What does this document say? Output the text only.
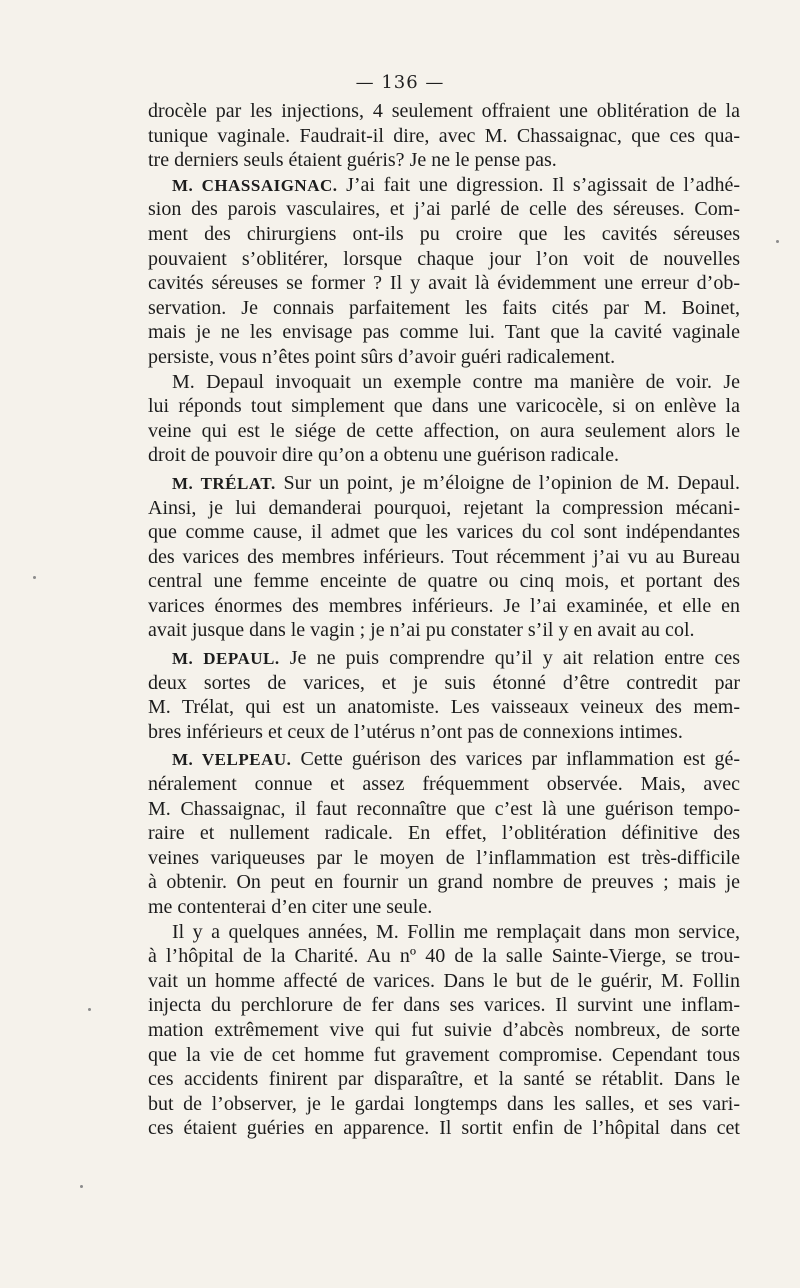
— 136 —
drocèle par les injections, 4 seulement offraient une oblitération de la
tunique vaginale. Faudrait-il dire, avec M. Chassaignac, que ces qua-
tre derniers seuls étaient guéris? Je ne le pense pas.
M. CHASSAIGNAC. J’ai fait une digression. Il s’agissait de l’adhé-
sion des parois vasculaires, et j’ai parlé de celle des séreuses. Com-
ment des chirurgiens ont-ils pu croire que les cavités séreuses
pouvaient s’oblitérer, lorsque chaque jour l’on voit de nouvelles
cavités séreuses se former ? Il y avait là évidemment une erreur d’ob-
servation. Je connais parfaitement les faits cités par M. Boinet,
mais je ne les envisage pas comme lui. Tant que la cavité vaginale
persiste, vous n’êtes point sûrs d’avoir guéri radicalement.
M. Depaul invoquait un exemple contre ma manière de voir. Je
lui réponds tout simplement que dans une varicocèle, si on enlève la
veine qui est le siége de cette affection, on aura seulement alors le
droit de pouvoir dire qu’on a obtenu une guérison radicale.
M. TRÉLAT. Sur un point, je m’éloigne de l’opinion de M. Depaul.
Ainsi, je lui demanderai pourquoi, rejetant la compression mécani-
que comme cause, il admet que les varices du col sont indépendantes
des varices des membres inférieurs. Tout récemment j’ai vu au Bureau
central une femme enceinte de quatre ou cinq mois, et portant des
varices énormes des membres inférieurs. Je l’ai examinée, et elle en
avait jusque dans le vagin ; je n’ai pu constater s’il y en avait au col.
M. DEPAUL. Je ne puis comprendre qu’il y ait relation entre ces
deux sortes de varices, et je suis étonné d’être contredit par
M. Trélat, qui est un anatomiste. Les vaisseaux veineux des mem-
bres inférieurs et ceux de l’utérus n’ont pas de connexions intimes.
M. VELPEAU. Cette guérison des varices par inflammation est gé-
néralement connue et assez fréquemment observée. Mais, avec
M. Chassaignac, il faut reconnaître que c’est là une guérison tempo-
raire et nullement radicale. En effet, l’oblitération définitive des
veines variqueuses par le moyen de l’inflammation est très-difficile
à obtenir. On peut en fournir un grand nombre de preuves ; mais je
me contenterai d’en citer une seule.
Il y a quelques années, M. Follin me remplaçait dans mon service,
à l’hôpital de la Charité. Au nº 40 de la salle Sainte-Vierge, se trou-
vait un homme affecté de varices. Dans le but de le guérir, M. Follin
injecta du perchlorure de fer dans ses varices. Il survint une inflam-
mation extrêmement vive qui fut suivie d’abcès nombreux, de sorte
que la vie de cet homme fut gravement compromise. Cependant tous
ces accidents finirent par disparaître, et la santé se rétablit. Dans le
but de l’observer, je le gardai longtemps dans les salles, et ses vari-
ces étaient guéries en apparence. Il sortit enfin de l’hôpital dans cet
